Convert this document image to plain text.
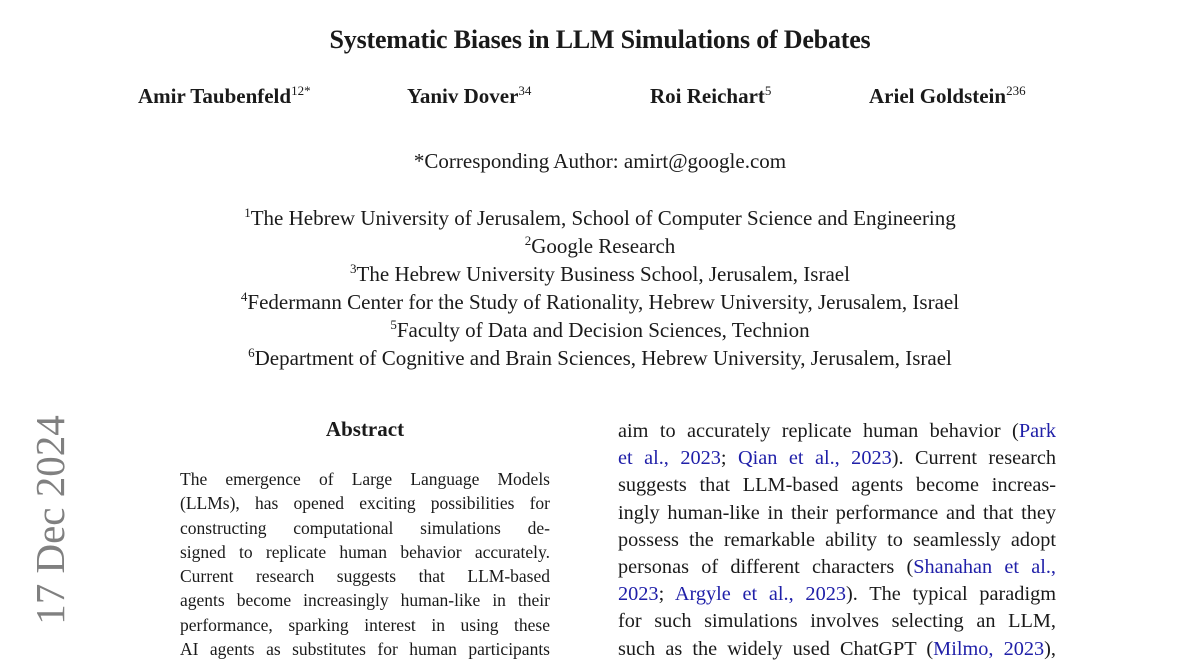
Systematic Biases in LLM Simulations of Debates
Amir Taubenfeld$^{12*}$	Yaniv Dover$^{34}$	Roi Reichart$^5$	Ariel Goldstein$^{236}$
*Corresponding Author: amirt@google.com
$^1$The Hebrew University of Jerusalem, School of Computer Science and Engineering
$^2$Google Research
$^3$The Hebrew University Business School, Jerusalem, Israel
$^4$Federmann Center for the Study of Rationality, Hebrew University, Jerusalem, Israel
$^5$Faculty of Data and Decision Sciences, Technion
$^6$Department of Cognitive and Brain Sciences, Hebrew University, Jerusalem, Israel
17 Dec 2024	Abstract
The emergence of Large Language Models
(LLMs), has opened exciting possibilities for
constructing computational simulations de-
signed to replicate human behavior accurately.
Current research suggests that LLM-based
agents become increasingly human-like in their
performance, sparking interest in using these
AI agents as substitutes for human participants
aim to accurately replicate human behavior (Park
et al., 2023; Qian et al., 2023). Current research
suggests that LLM-based agents become increas-
ingly human-like in their performance and that they
possess the remarkable ability to seamlessly adopt
personas of different characters (Shanahan et al.,
2023; Argyle et al., 2023). The typical paradigm
for such simulations involves selecting an LLM,
such as the widely used ChatGPT (Milmo, 2023),
